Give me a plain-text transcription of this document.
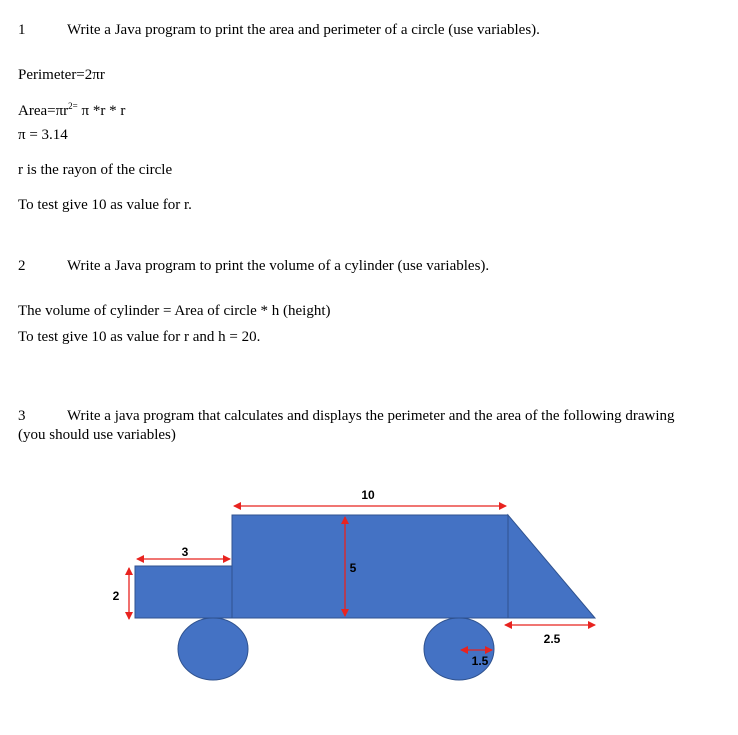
1	Write a Java program to print the area and perimeter of a circle (use variables).
Perimeter=2πr
$Area=\pi r^{2=}$ π *r * r
π = 3.14
r is the rayon of the circle
To test give 10 as value for r.
2	Write a Java program to print the volume of a cylinder (use variables).
The volume of cylinder = Area of circle * h (height)
To test give 10 as value for r and h = 20.
3	Write a java program that calculates and displays the perimeter and the area of the following drawing
(you should use variables)
10
3
2
5
2.5
1.5
